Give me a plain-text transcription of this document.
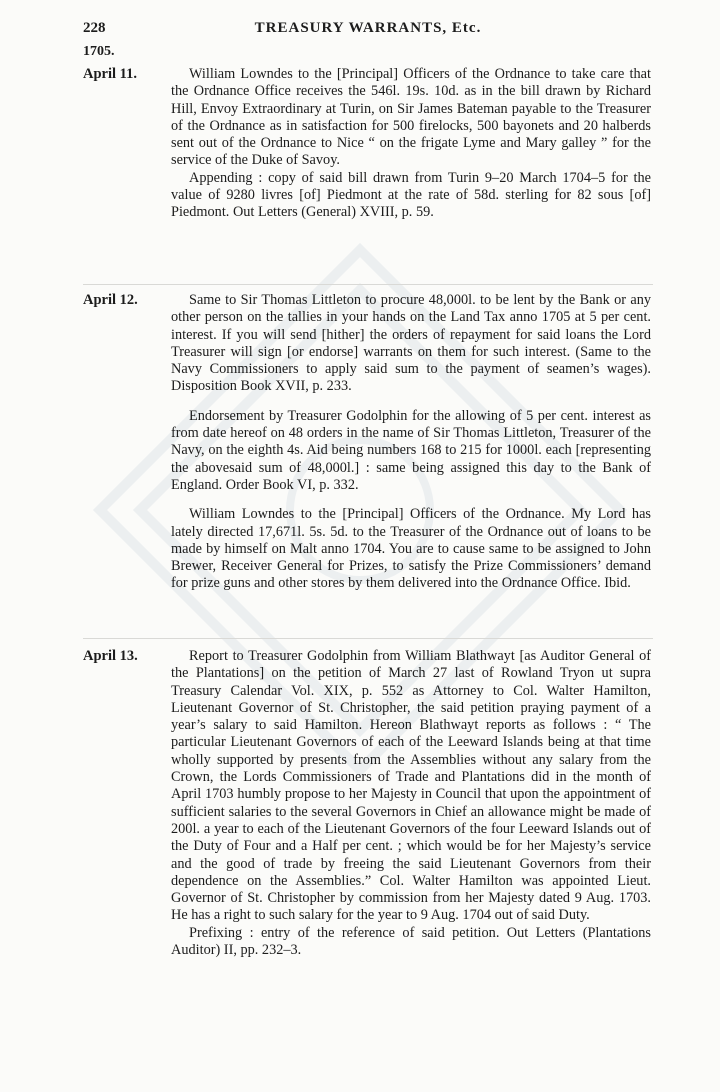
228	TREASURY WARRANTS, Etc.
1705.
April 11.	William Lowndes to the [Principal] Officers of the Ordnance to take care that the Ordnance Office receives the 546l. 19s. 10d. as in the bill drawn by Richard Hill, Envoy Extraordinary at Turin, on Sir James Bateman payable to the Treasurer of the Ordnance as in satisfaction for 500 firelocks, 500 bayonets and 20 halberds sent out of the Ordnance to Nice “ on the frigate Lyme and Mary galley ” for the service of the Duke of Savoy.

Appending : copy of said bill drawn from Turin 9–20 March 1704–5 for the value of 9280 livres [of] Piedmont at the rate of 58d. sterling for 82 sous [of] Piedmont. Out Letters (General) XVIII, p. 59.

April 12.	Same to Sir Thomas Littleton to procure 48,000l. to be lent by the Bank or any other person on the tallies in your hands on the Land Tax anno 1705 at 5 per cent. interest. If you will send [hither] the orders of repayment for said loans the Lord Treasurer will sign [or endorse] warrants on them for such interest. (Same to the Navy Commissioners to apply said sum to the payment of seamen’s wages). Disposition Book XVII, p. 233.

Endorsement by Treasurer Godolphin for the allowing of 5 per cent. interest as from date hereof on 48 orders in the name of Sir Thomas Littleton, Treasurer of the Navy, on the eighth 4s. Aid being numbers 168 to 215 for 1000l. each [representing the abovesaid sum of 48,000l.] : same being assigned this day to the Bank of England. Order Book VI, p. 332.

William Lowndes to the [Principal] Officers of the Ordnance. My Lord has lately directed 17,671l. 5s. 5d. to the Treasurer of the Ordnance out of loans to be made by himself on Malt anno 1704. You are to cause same to be assigned to John Brewer, Receiver General for Prizes, to satisfy the Prize Commissioners’ demand for prize guns and other stores by them delivered into the Ordnance Office. Ibid.

April 13.	Report to Treasurer Godolphin from William Blathwayt [as Auditor General of the Plantations] on the petition of March 27 last of Rowland Tryon ut supra Treasury Calendar Vol. XIX, p. 552 as Attorney to Col. Walter Hamilton, Lieutenant Governor of St. Christopher, the said petition praying payment of a year’s salary to said Hamilton. Hereon Blathwayt reports as follows : “ The particular Lieutenant Governors of each of the Leeward Islands being at that time wholly supported by presents from the Assemblies without any salary from the Crown, the Lords Commissioners of Trade and Plantations did in the month of April 1703 humbly propose to her Majesty in Council that upon the appointment of sufficient salaries to the several Governors in Chief an allowance might be made of 200l. a year to each of the Lieutenant Governors of the four Leeward Islands out of the Duty of Four and a Half per cent. ; which would be for her Majesty’s service and the good of trade by freeing the said Lieutenant Governors from their dependence on the Assemblies.” Col. Walter Hamilton was appointed Lieut. Governor of St. Christopher by commission from her Majesty dated 9 Aug. 1703. He has a right to such salary for the year to 9 Aug. 1704 out of said Duty.

Prefixing : entry of the reference of said petition. Out Letters (Plantations Auditor) II, pp. 232–3.
